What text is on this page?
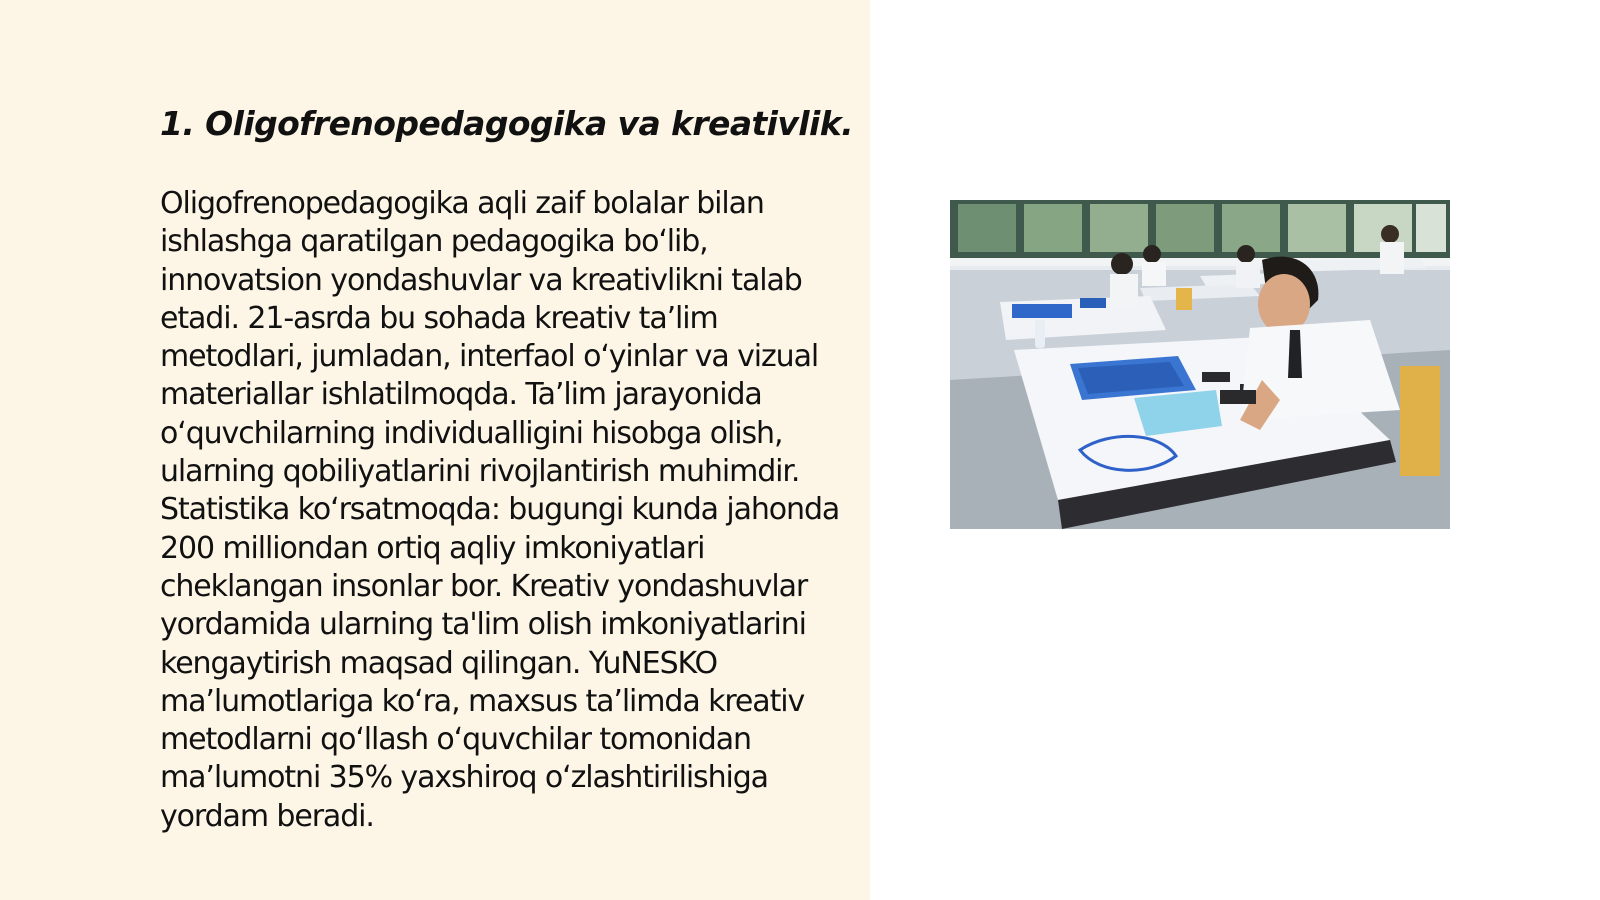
1. Oligofrenopedagogika va kreativlik.

Oligofrenopedagogika aqli zaif bolalar bilan ishlashga qaratilgan pedagogika bo‘lib, innovatsion yondashuvlar va kreativlikni talab etadi. 21-asrda bu sohada kreativ ta’lim metodlari, jumladan, interfaol o‘yinlar va vizual materiallar ishlatilmoqda. Ta’lim jarayonida o‘quvchilarning individualligini hisobga olish, ularning qobiliyatlarini rivojlantirish muhimdir. Statistika ko‘rsatmoqda: bugungi kunda jahonda 200 milliondan ortiq aqliy imkoniyatlari cheklangan insonlar bor. Kreativ yondashuvlar yordamida ularning ta'lim olish imkoniyatlarini kengaytirish maqsad qilingan. YuNESKO ma’lumotlariga ko‘ra, maxsus ta’limda kreativ metodlarni qo‘llash o‘quvchilar tomonidan ma’lumotni 35% yaxshiroq o‘zlashtirilishiga yordam beradi.
